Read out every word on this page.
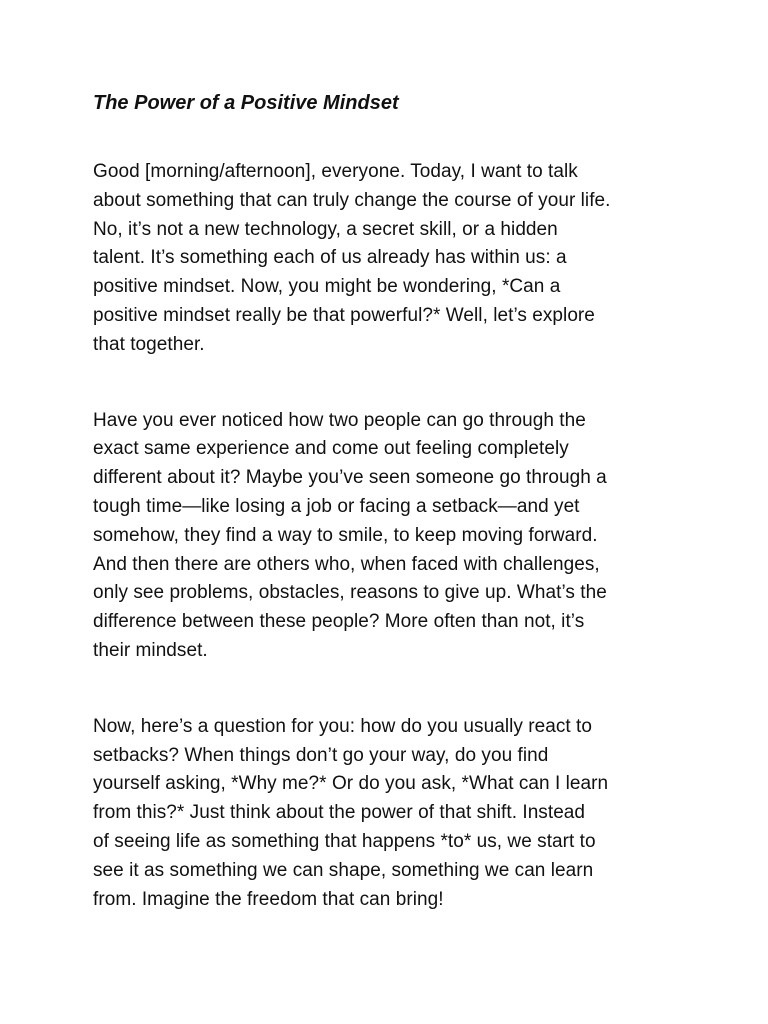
The Power of a Positive Mindset
Good [morning/afternoon], everyone. Today, I want to talk
about something that can truly change the course of your life.
No, it’s not a new technology, a secret skill, or a hidden
talent. It’s something each of us already has within us: a
positive mindset. Now, you might be wondering, *Can a
positive mindset really be that powerful?* Well, let’s explore
that together.
Have you ever noticed how two people can go through the
exact same experience and come out feeling completely
different about it? Maybe you’ve seen someone go through a
tough time—like losing a job or facing a setback—and yet
somehow, they find a way to smile, to keep moving forward.
And then there are others who, when faced with challenges,
only see problems, obstacles, reasons to give up. What’s the
difference between these people? More often than not, it’s
their mindset.
Now, here’s a question for you: how do you usually react to
setbacks? When things don’t go your way, do you find
yourself asking, *Why me?* Or do you ask, *What can I learn
from this?* Just think about the power of that shift. Instead
of seeing life as something that happens *to* us, we start to
see it as something we can shape, something we can learn
from. Imagine the freedom that can bring!
